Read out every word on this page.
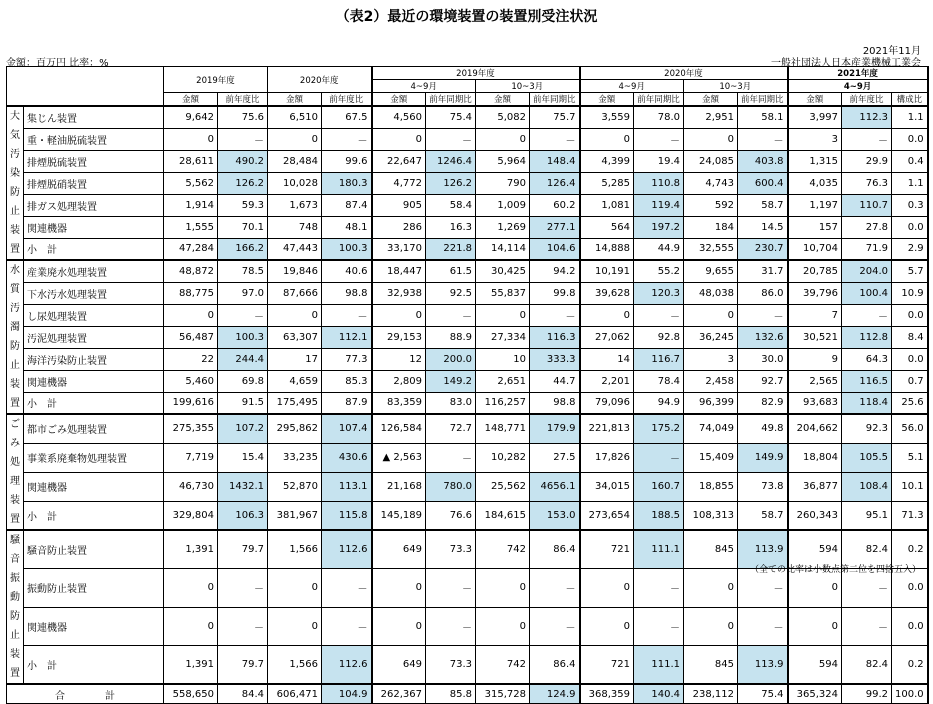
（表2）最近の環境装置の装置別受注状況
2021年11月
金額：百万円 比率：%	一般社団法人日本産業機械工業会
		2019年度		2020年度		2019年度				2020年度				2021年度		
						4~9月		10~3月		4~9月		10~3月		4~9月		
		金額	前年度比	金額	前年度比	金額	前年同期比	金額	前年同期比	金額	前年同期比	金額	前年同期比	金額	前年度比	構成比
大気汚染防止装置	集じん装置	9,642	75.6	6,510	67.5	4,560	75.4	5,082	75.7	3,559	78.0	2,951	58.1	3,997	112.3	1.1
	重・軽油脱硫装置	0	－	0	－	0	－	0	－	0	－	0	－	3	－	0.0
	排煙脱硫装置	28,611	490.2	28,484	99.6	22,647	1246.4	5,964	148.4	4,399	19.4	24,085	403.8	1,315	29.9	0.4
	排煙脱硝装置	5,562	126.2	10,028	180.3	4,772	126.2	790	126.4	5,285	110.8	4,743	600.4	4,035	76.3	1.1
	排ガス処理装置	1,914	59.3	1,673	87.4	905	58.4	1,009	60.2	1,081	119.4	592	58.7	1,197	110.7	0.3
	関連機器	1,555	70.1	748	48.1	286	16.3	1,269	277.1	564	197.2	184	14.5	157	27.8	0.0
	小　計	47,284	166.2	47,443	100.3	33,170	221.8	14,114	104.6	14,888	44.9	32,555	230.7	10,704	71.9	2.9
水質汚濁防止装置	産業廃水処理装置	48,872	78.5	19,846	40.6	18,447	61.5	30,425	94.2	10,191	55.2	9,655	31.7	20,785	204.0	5.7
	下水汚水処理装置	88,775	97.0	87,666	98.8	32,938	92.5	55,837	99.8	39,628	120.3	48,038	86.0	39,796	100.4	10.9
	し尿処理装置	0	－	0	－	0	－	0	－	0	－	0	－	7	－	0.0
	汚泥処理装置	56,487	100.3	63,307	112.1	29,153	88.9	27,334	116.3	27,062	92.8	36,245	132.6	30,521	112.8	8.4
	海洋汚染防止装置	22	244.4	17	77.3	12	200.0	10	333.3	14	116.7	3	30.0	9	64.3	0.0
	関連機器	5,460	69.8	4,659	85.3	2,809	149.2	2,651	44.7	2,201	78.4	2,458	92.7	2,565	116.5	0.7
	小　計	199,616	91.5	175,495	87.9	83,359	83.0	116,257	98.8	79,096	94.9	96,399	82.9	93,683	118.4	25.6
ごみ処理装置	都市ごみ処理装置	275,355	107.2	295,862	107.4	126,584	72.7	148,771	179.9	221,813	175.2	74,049	49.8	204,662	92.3	56.0
	事業系廃棄物処理装置	7,719	15.4	33,235	430.6	▲ 2,563	－	10,282	27.5	17,826	－	15,409	149.9	18,804	105.5	5.1
	関連機器	46,730	1432.1	52,870	113.1	21,168	780.0	25,562	4656.1	34,015	160.7	18,855	73.8	36,877	108.4	10.1
	小　計	329,804	106.3	381,967	115.8	145,189	76.6	184,615	153.0	273,654	188.5	108,313	58.7	260,343	95.1	71.3
騒音振動防止装置	騒音防止装置	1,391	79.7	1,566	112.6	649	73.3	742	86.4	721	111.1	845	113.9	594	82.4	0.2
	振動防止装置	0	－	0	－	0	－	0	－	0	－	0	－	0	－	0.0
	関連機器	0	－	0	－	0	－	0	－	0	－	0	－	0	－	0.0
	小　計	1,391	79.7	1,566	112.6	649	73.3	742	86.4	721	111.1	845	113.9	594	82.4	0.2
合　　　　計		558,650	84.4	606,471	104.9	262,367	85.8	315,728	124.9	368,359	140.4	238,112	75.4	365,324	99.2	100.0
（全ての比率は小数点第二位を四捨五入）
